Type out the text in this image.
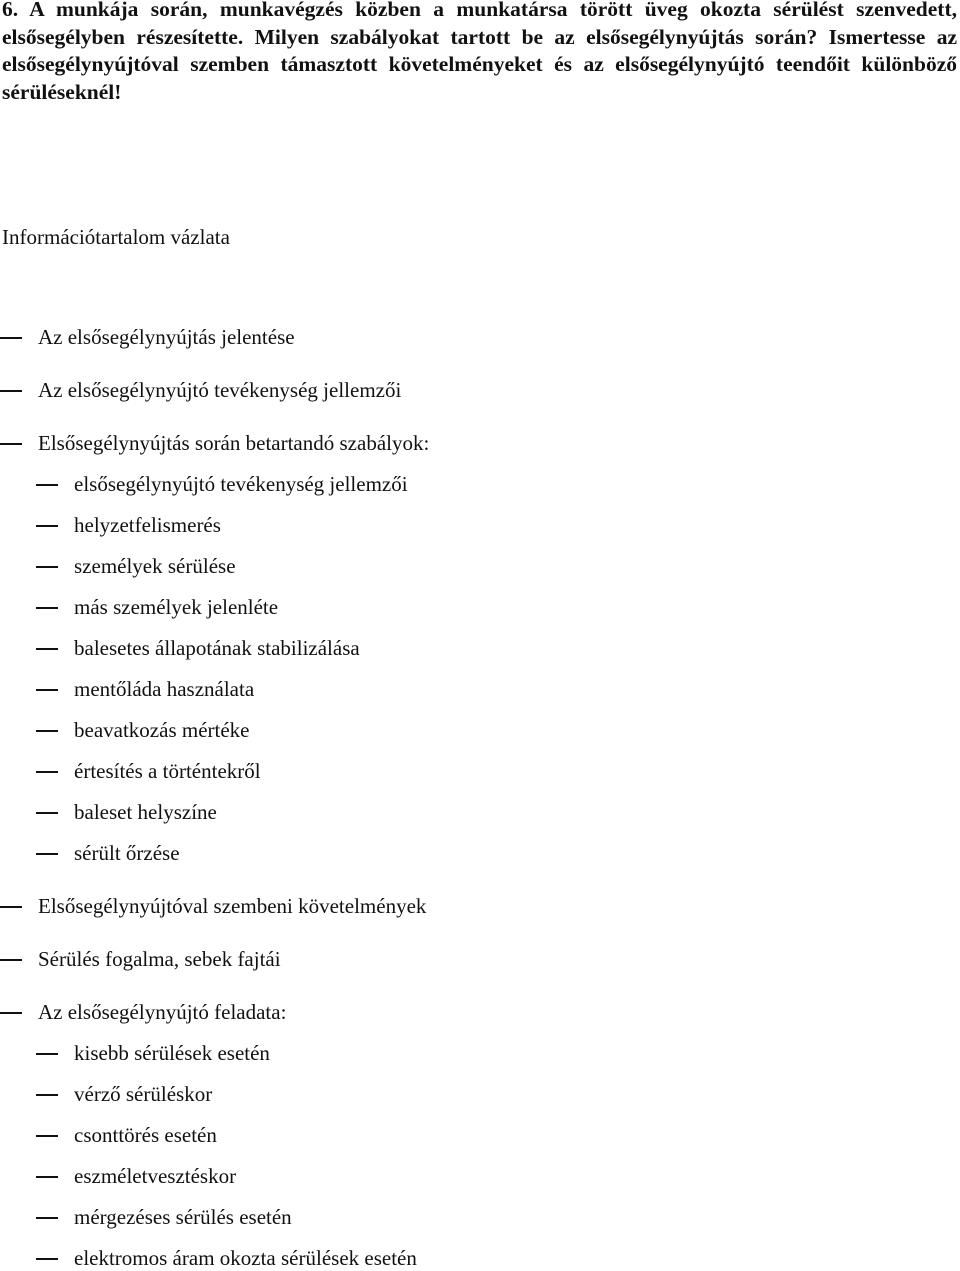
6. A munkája során, munkavégzés közben a munkatársa törött üveg okozta sérülést szenvedett, elsősegélyben részesítette. Milyen szabályokat tartott be az elsősegélynyújtás során? Ismertesse az elsősegélynyújtóval szemben támasztott követelményeket és az elsősegélynyújtó teendőit különböző sérüléseknél!

Információtartalom vázlata
Az elsősegélynyújtás jelentése
Az elsősegélynyújtó tevékenység jellemzői
Elsősegélynyújtás során betartandó szabályok:
elsősegélynyújtó tevékenység jellemzői
helyzetfelismerés
személyek sérülése
más személyek jelenléte
balesetes állapotának stabilizálása
mentőláda használata
beavatkozás mértéke
értesítés a történtekről
baleset helyszíne
sérült őrzése
Elsősegélynyújtóval szembeni követelmények
Sérülés fogalma, sebek fajtái
Az elsősegélynyújtó feladata:
kisebb sérülések esetén
vérző sérüléskor
csonttörés esetén
eszméletvesztéskor
mérgezéses sérülés esetén
elektromos áram okozta sérülések esetén
